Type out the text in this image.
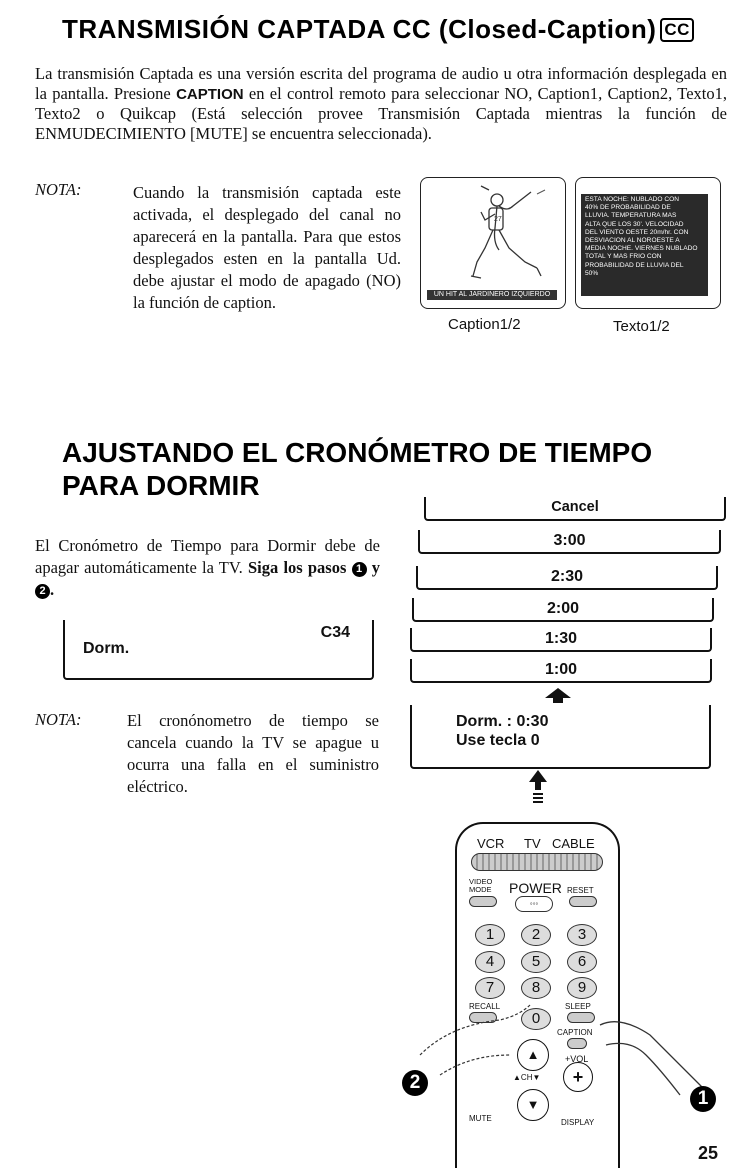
TRANSMISIÓN CAPTADA CC (Closed-Caption) CC

La transmisión Captada es una versión escrita del programa de audio u otra información desplegada en la pantalla. Presione CAPTION en el control remoto para seleccionar NO, Caption1, Caption2, Texto1, Texto2 o Quikcap (Está selección provee Transmisión Captada mientras la función de ENMUDECIMIENTO [MUTE] se encuentra seleccionada).

NOTA:	Cuando la transmisión captada este activada, el desplegado del canal no aparecerá en la pantalla. Para que estos desplegados esten en la pantalla Ud. debe ajustar el modo de apagado (NO) la función de caption.

27
UN HIT AL JARDINERO IZQUIERDO
ESTA NOCHE: NUBLADO CON
40% DE PROBABILIDAD DE
LLUVIA. TEMPERATURA MAS
ALTA QUE LOS 30'. VELOCIDAD
DEL VIENTO OESTE 20m/hr. CON
DESVIACION AL NOROESTE A
MEDIA NOCHE. VIERNES NUBLADO
TOTAL Y MAS FRIO CON
PROBABILIDAD DE LLUVIA DEL
50%
Caption1/2	Texto1/2
AJUSTANDO EL CRONÓMETRO DE TIEMPO PARA DORMIR

El Cronómetro de Tiempo para Dormir debe de apagar automáticamente la TV. Siga los pasos 1 y 2 .

Dorm.
C34
NOTA:	El cronónometro de tiempo se cancela cuando la TV se apague u ocurra una falla en el suministro eléctrico.

Cancel
3:00
2:30
2:00
1:30
1:00
Dorm. : 0:30
Use tecla 0
VCR TV CABLE
VIDEO MODE	POWER RESET
◦◦◦
1	2	3
4	5	6
7	8	9
RECALL	SLEEP
0
CAPTION
+VOL
▲
▲CH▼
▼
+
MUTE	DISPLAY
2
1
25
